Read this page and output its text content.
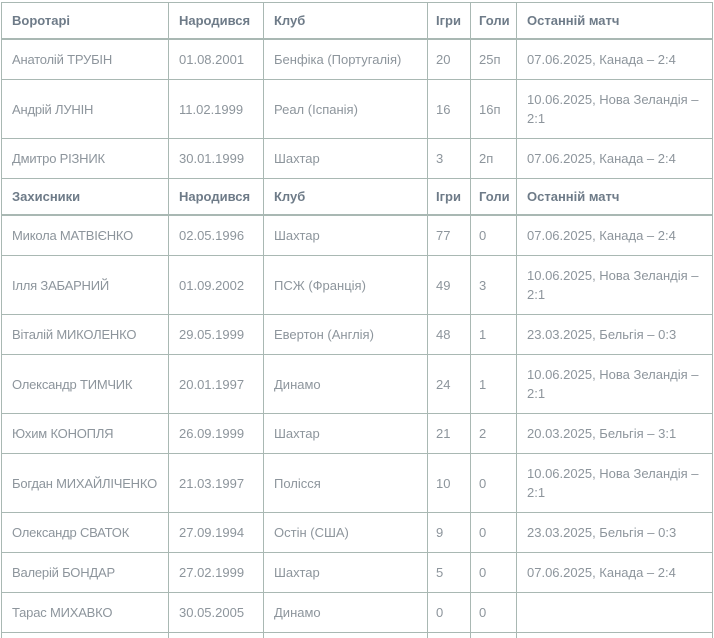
Воротарі	Народився	Клуб	Ігри	Голи	Останній матч
Анатолій ТРУБІН	01.08.2001	Бенфіка (Португалія)	20	25п	07.06.2025, Канада – 2:4
Андрій ЛУНІН	11.02.1999	Реал (Іспанія)	16	16п	10.06.2025, Нова Зеландія – 2:1
Дмитро РІЗНИК	30.01.1999	Шахтар	3	2п	07.06.2025, Канада – 2:4
Захисники	Народився	Клуб	Ігри	Голи	Останній матч
Микола МАТВІЄНКО	02.05.1996	Шахтар	77	0	07.06.2025, Канада – 2:4
Ілля ЗАБАРНИЙ	01.09.2002	ПСЖ (Франція)	49	3	10.06.2025, Нова Зеландія – 2:1
Віталій МИКОЛЕНКО	29.05.1999	Евертон (Англія)	48	1	23.03.2025, Бельгія – 0:3
Олександр ТИМЧИК	20.01.1997	Динамо	24	1	10.06.2025, Нова Зеландія – 2:1
Юхим КОНОПЛЯ	26.09.1999	Шахтар	21	2	20.03.2025, Бельгія – 3:1
Богдан МИХАЙЛІЧЕНКО	21.03.1997	Полісся	10	0	10.06.2025, Нова Зеландія – 2:1
Олександр СВАТОК	27.09.1994	Остін (США)	9	0	23.03.2025, Бельгія – 0:3
Валерій БОНДАР	27.02.1999	Шахтар	5	0	07.06.2025, Канада – 2:4
Тарас МИХАВКО	30.05.2005	Динамо	0	0	
